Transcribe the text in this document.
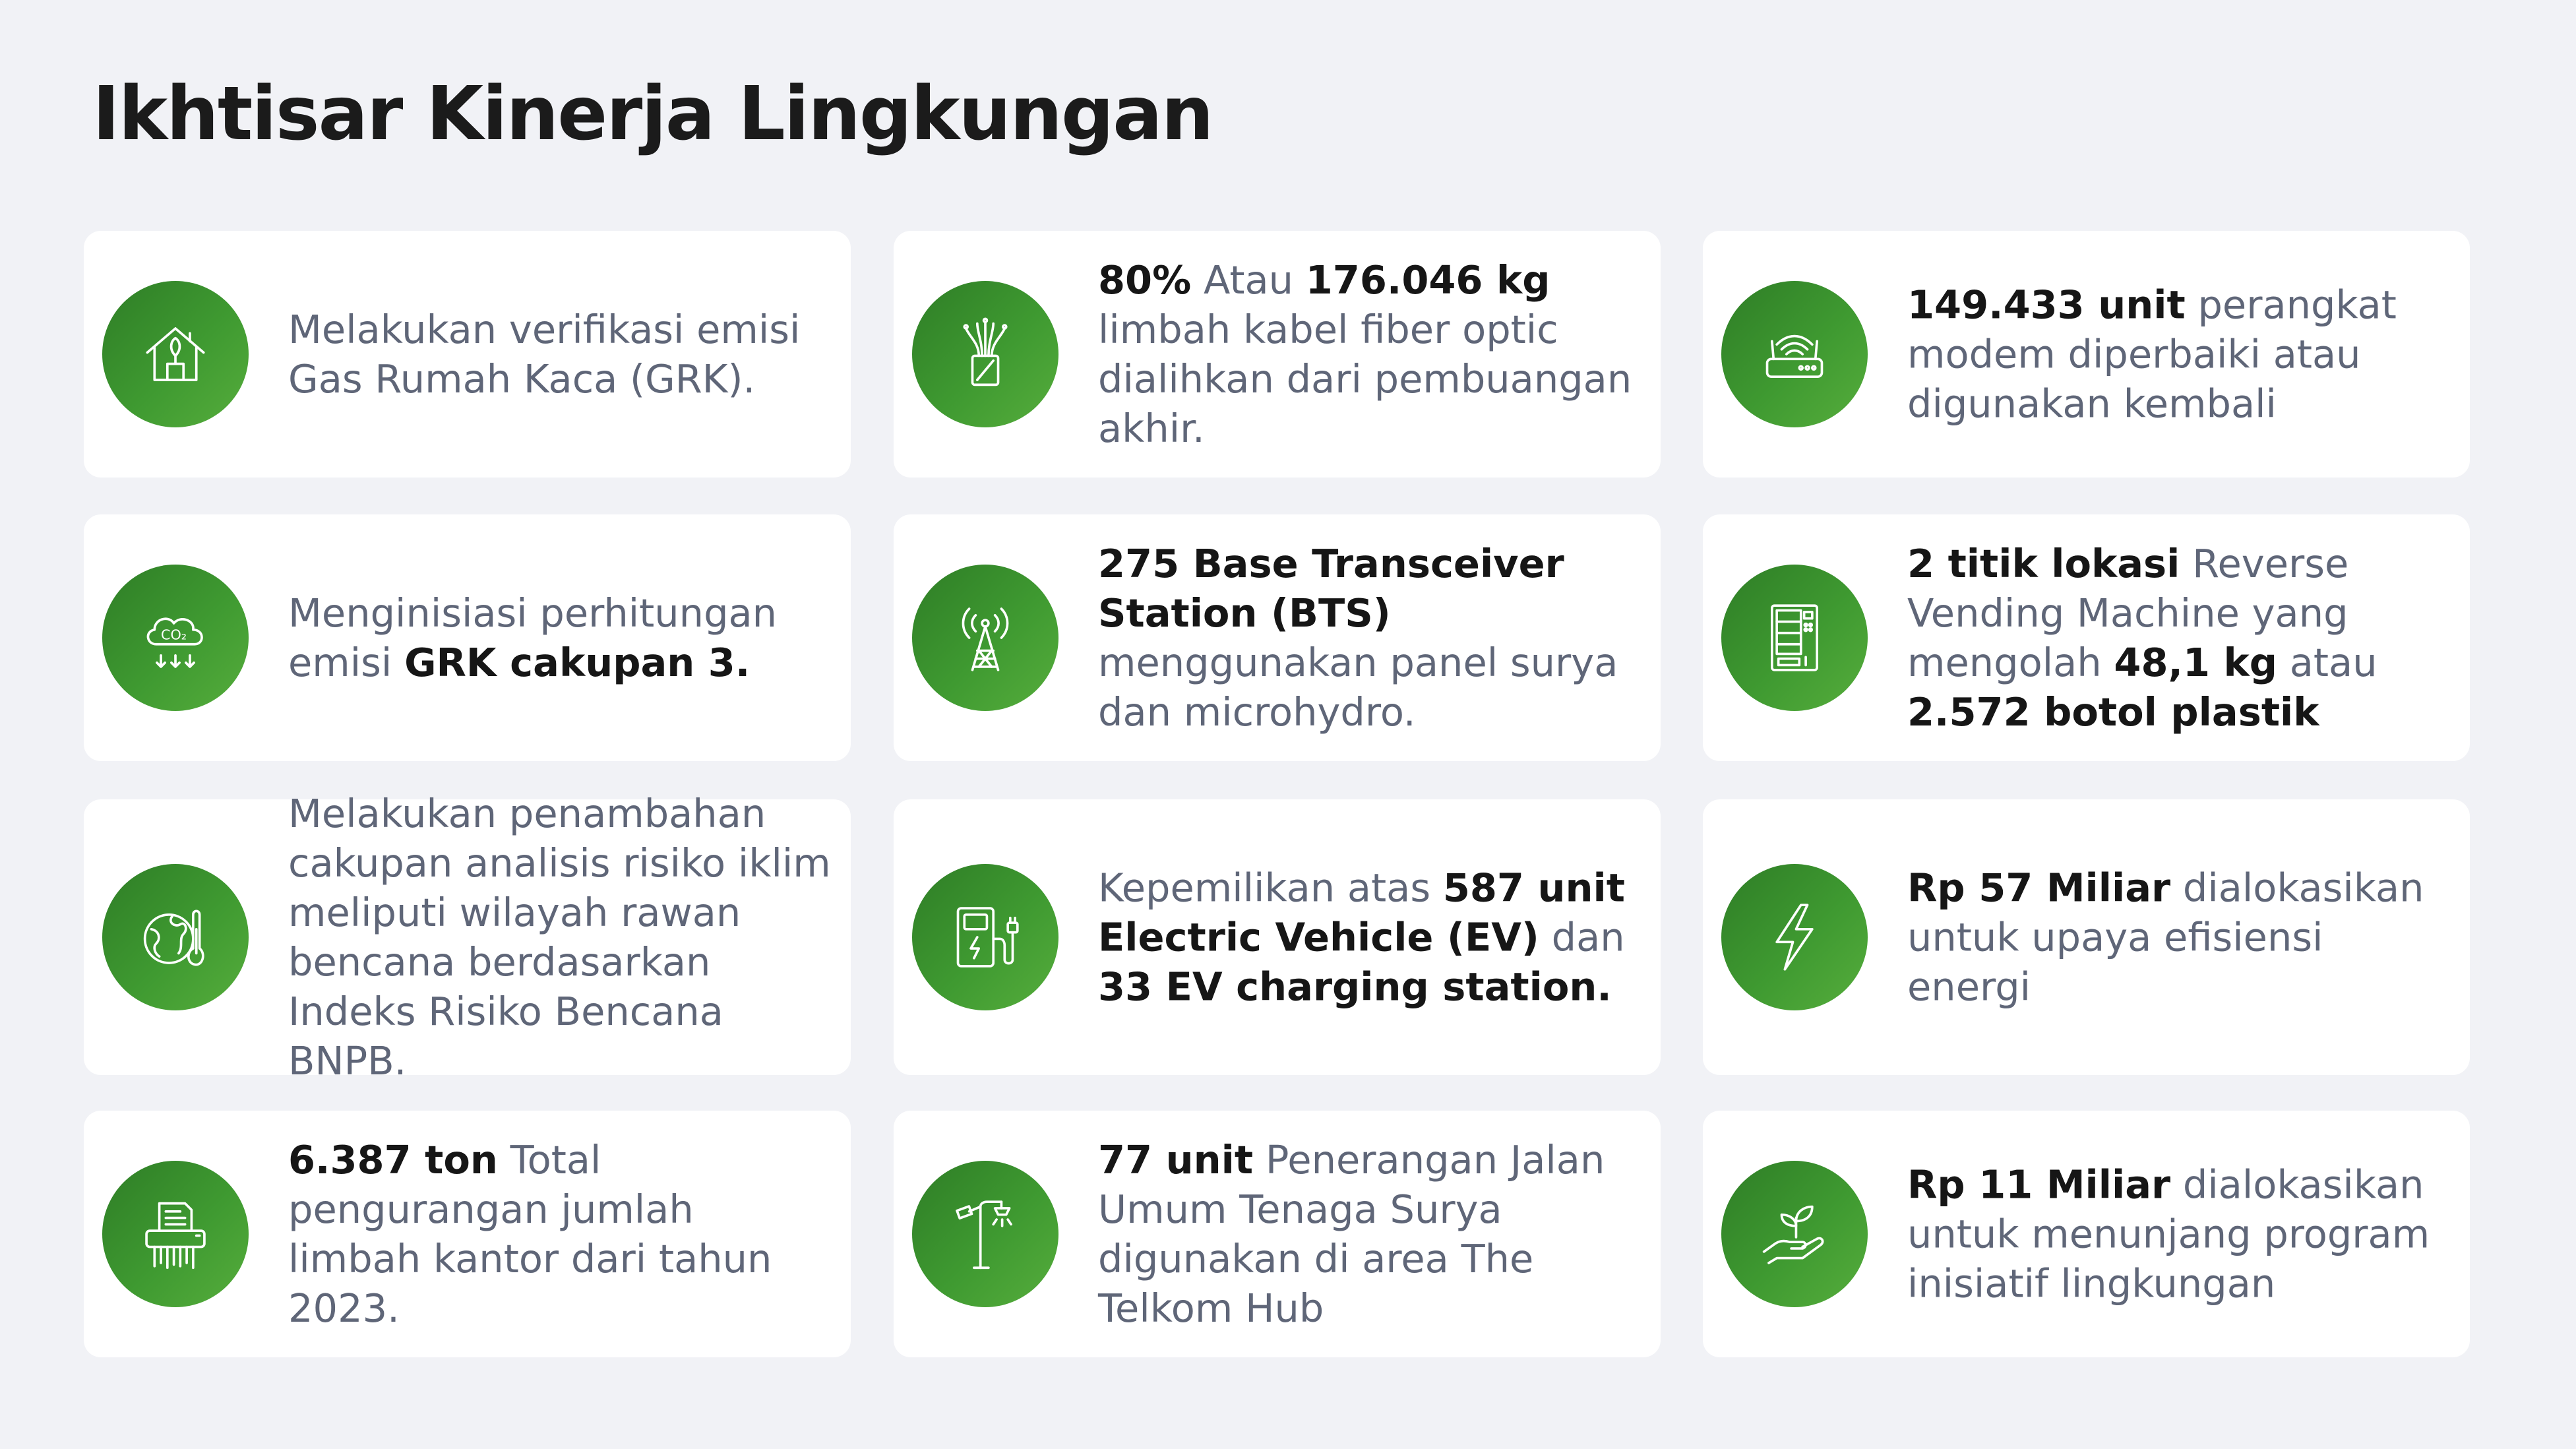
Ikhtisar Kinerja Lingkungan
Melakukan verifikasi emisi Gas Rumah Kaca (GRK).
80% Atau 176.046 kg limbah kabel fiber optic dialihkan dari pembuangan akhir.
149.433 unit perangkat modem diperbaiki atau digunakan kembali
CO₂	Menginisiasi perhitungan emisi GRK cakupan 3.
275 Base Transceiver Station (BTS) menggunakan panel surya dan microhydro.
2 titik lokasi Reverse Vending Machine yang mengolah 48,1 kg atau 2.572 botol plastik
Melakukan penambahan cakupan analisis risiko iklim meliputi wilayah rawan bencana berdasarkan Indeks Risiko Bencana BNPB.
Kepemilikan atas 587 unit Electric Vehicle (EV) dan 33 EV charging station.
Rp 57 Miliar dialokasikan untuk upaya efisiensi energi
6.387 ton Total pengurangan jumlah limbah kantor dari tahun 2023.
77 unit Penerangan Jalan Umum Tenaga Surya digunakan di area The Telkom Hub
Rp 11 Miliar dialokasikan untuk menunjang program inisiatif lingkungan
